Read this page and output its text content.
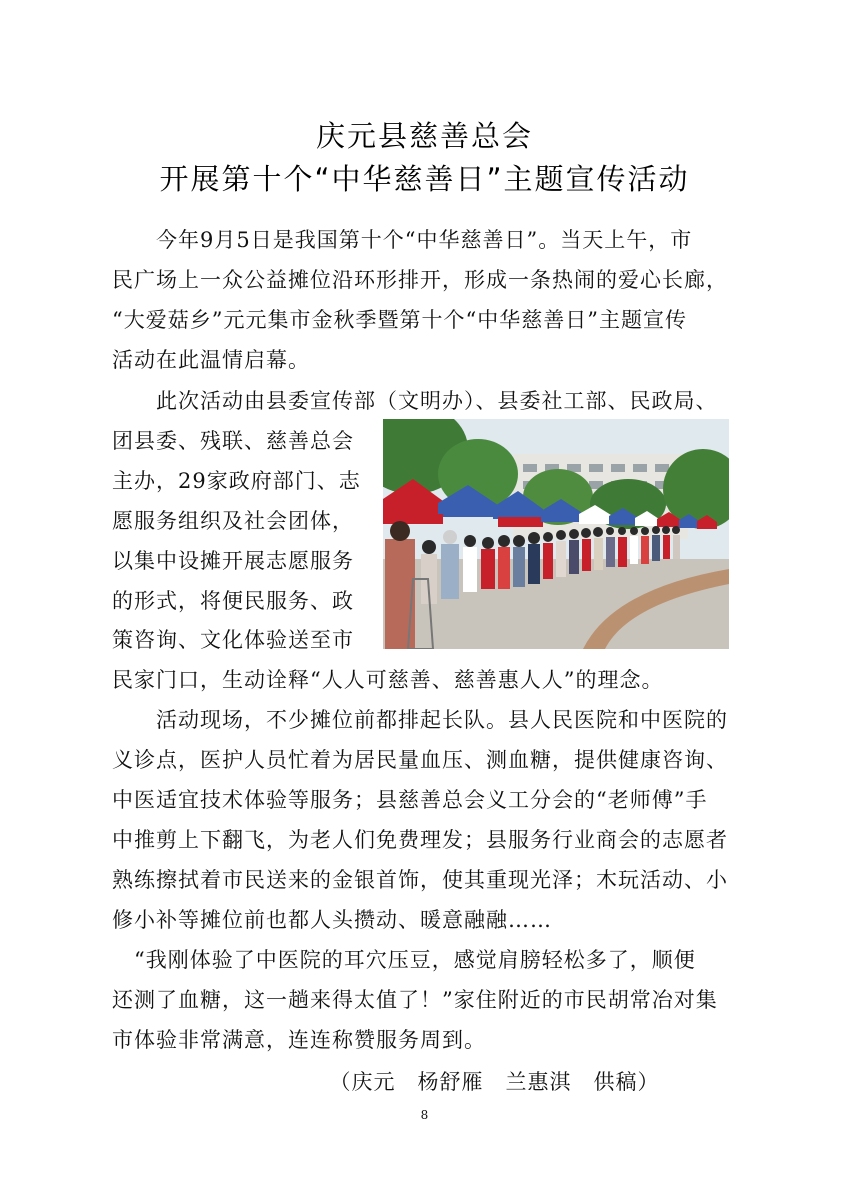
庆元县慈善总会
开展第十个“中华慈善日”主题宣传活动
　　今年9月5日是我国第十个“中华慈善日”。当天上午，市
民广场上一众公益摊位沿环形排开，形成一条热闹的爱心长廊，
“大爱菇乡”元元集市金秋季暨第十个“中华慈善日”主题宣传
活动在此温情启幕。
　　此次活动由县委宣传部（文明办）、县委社工部、民政局、
团县委、残联、慈善总会
主办，29家政府部门、志
愿服务组织及社会团体，
以集中设摊开展志愿服务
的形式，将便民服务、政
策咨询、文化体验送至市
民家门口，生动诠释“人人可慈善、慈善惠人人”的理念。
　　活动现场，不少摊位前都排起长队。县人民医院和中医院的
义诊点，医护人员忙着为居民量血压、测血糖，提供健康咨询、
中医适宜技术体验等服务；县慈善总会义工分会的“老师傅”手
中推剪上下翻飞，为老人们免费理发；县服务行业商会的志愿者
熟练擦拭着市民送来的金银首饰，使其重现光泽；木玩活动、小
修小补等摊位前也都人头攒动、暖意融融……
　“我刚体验了中医院的耳穴压豆，感觉肩膀轻松多了，顺便
还测了血糖，这一趟来得太值了！”家住附近的市民胡常冶对集
市体验非常满意，连连称赞服务周到。
（庆元　杨舒雁　兰惠淇　供稿）
8
